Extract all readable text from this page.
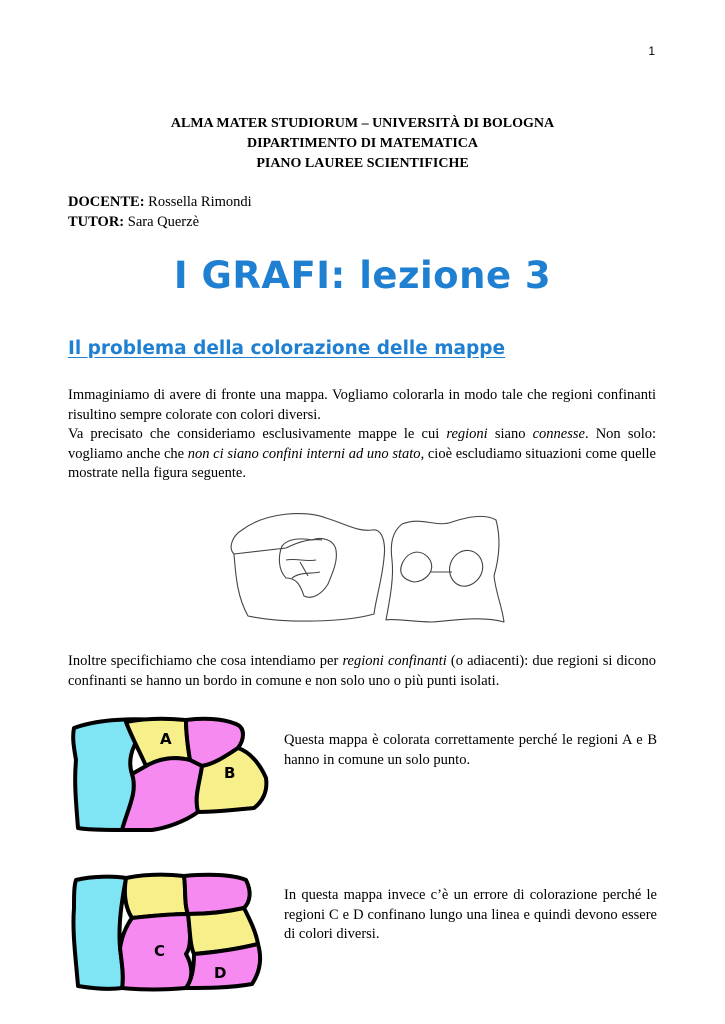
1
ALMA MATER STUDIORUM – UNIVERSITÀ DI BOLOGNA
DIPARTIMENTO DI MATEMATICA
PIANO LAUREE SCIENTIFICHE
DOCENTE: Rossella Rimondi
TUTOR: Sara Querzè
I GRAFI: lezione 3
Il problema della colorazione delle mappe
Immaginiamo di avere di fronte una mappa. Vogliamo colorarla in modo tale che regioni confinanti risultino sempre colorate con colori diversi.
Va precisato che consideriamo esclusivamente mappe le cui regioni siano connesse. Non solo: vogliamo anche che non ci siano confini interni ad uno stato, cioè escludiamo situazioni come quelle mostrate nella figura seguente.
Inoltre specifichiamo che cosa intendiamo per regioni confinanti (o adiacenti): due regioni si dicono confinanti se hanno un bordo in comune e non solo uno o più punti isolati.
A
B
Questa mappa è colorata correttamente perché le regioni A e B hanno in comune un solo punto.
C
D
In questa mappa invece c’è un errore di colorazione perché le regioni C e D confinano lungo una linea e quindi devono essere di colori diversi.
